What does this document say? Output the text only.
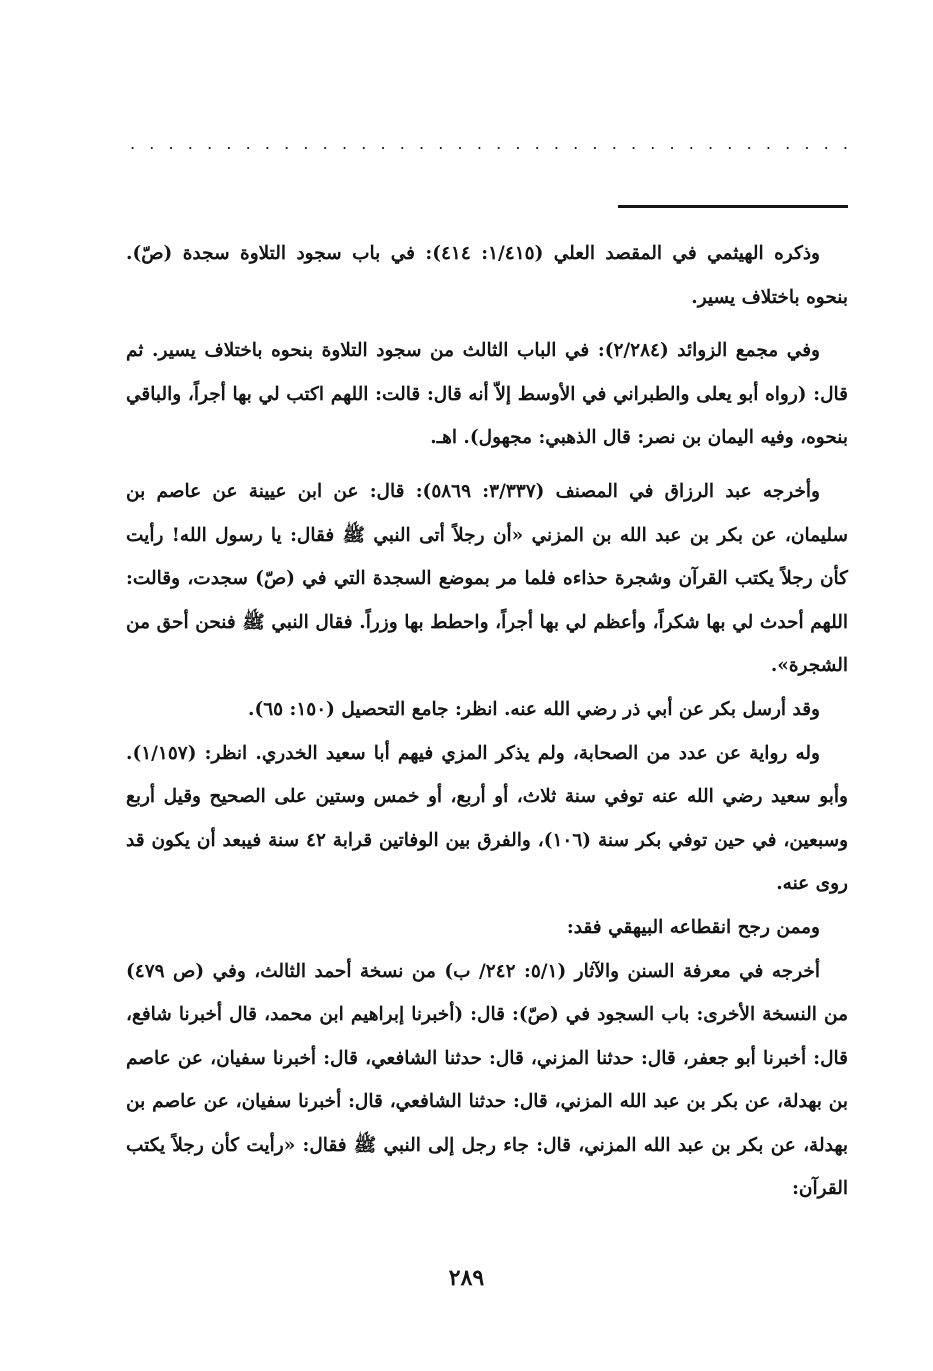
. . . . . . . . . . . . . . . . . . . . . . . . . . . . . . . . . . . . . .

وذكره الهيثمي في المقصد العلي (١/٤١٥: ٤١٤): في باب سجود التلاوة سجدة (صّ). بنحوه باختلاف يسير.

وفي مجمع الزوائد (٢/٢٨٤): في الباب الثالث من سجود التلاوة بنحوه باختلاف يسير. ثم قال: (رواه أبو يعلى والطبراني في الأوسط إلاّ أنه قال: قالت: اللهم اكتب لي بها أجراً، والباقي بنحوه، وفيه اليمان بن نصر: قال الذهبي: مجهول). اهـ.

وأخرجه عبد الرزاق في المصنف (٣/٣٣٧: ٥٨٦٩): قال: عن ابن عيينة عن عاصم بن سليمان، عن بكر بن عبد الله بن المزني «أن رجلاً أتى النبي ﷺ فقال: يا رسول الله! رأيت كأن رجلاً يكتب القرآن وشجرة حذاءه فلما مر بموضع السجدة التي في (صّ) سجدت، وقالت: اللهم أحدث لي بها شكراً، وأعظم لي بها أجراً، واحطط بها وزراً. فقال النبي ﷺ فنحن أحق من الشجرة».

وقد أرسل بكر عن أبي ذر رضي الله عنه. انظر: جامع التحصيل (١٥٠: ٦٥).

وله رواية عن عدد من الصحابة، ولم يذكر المزي فيهم أبا سعيد الخدري. انظر: (١/١٥٧). وأبو سعيد رضي الله عنه توفي سنة ثلاث، أو أربع، أو خمس وستين على الصحيح وقيل أربع وسبعين، في حين توفي بكر سنة (١٠٦)، والفرق بين الوفاتين قرابة ٤٢ سنة فيبعد أن يكون قد روى عنه.

وممن رجح انقطاعه البيهقي فقد:

أخرجه في معرفة السنن والآثار (٥/١: ٢٤٢/ ب) من نسخة أحمد الثالث، وفي (ص ٤٧٩) من النسخة الأخرى: باب السجود في (صّ): قال: (أخبرنا إبراهيم ابن محمد، قال أخبرنا شافع، قال: أخبرنا أبو جعفر، قال: حدثنا المزني، قال: حدثنا الشافعي، قال: أخبرنا سفيان، عن عاصم بن بهدلة، عن بكر بن عبد الله المزني، قال: حدثنا الشافعي، قال: أخبرنا سفيان، عن عاصم بن بهدلة، عن بكر بن عبد الله المزني، قال: جاء رجل إلى النبي ﷺ فقال: «رأيت كأن رجلاً يكتب القرآن:

٢٨٩
